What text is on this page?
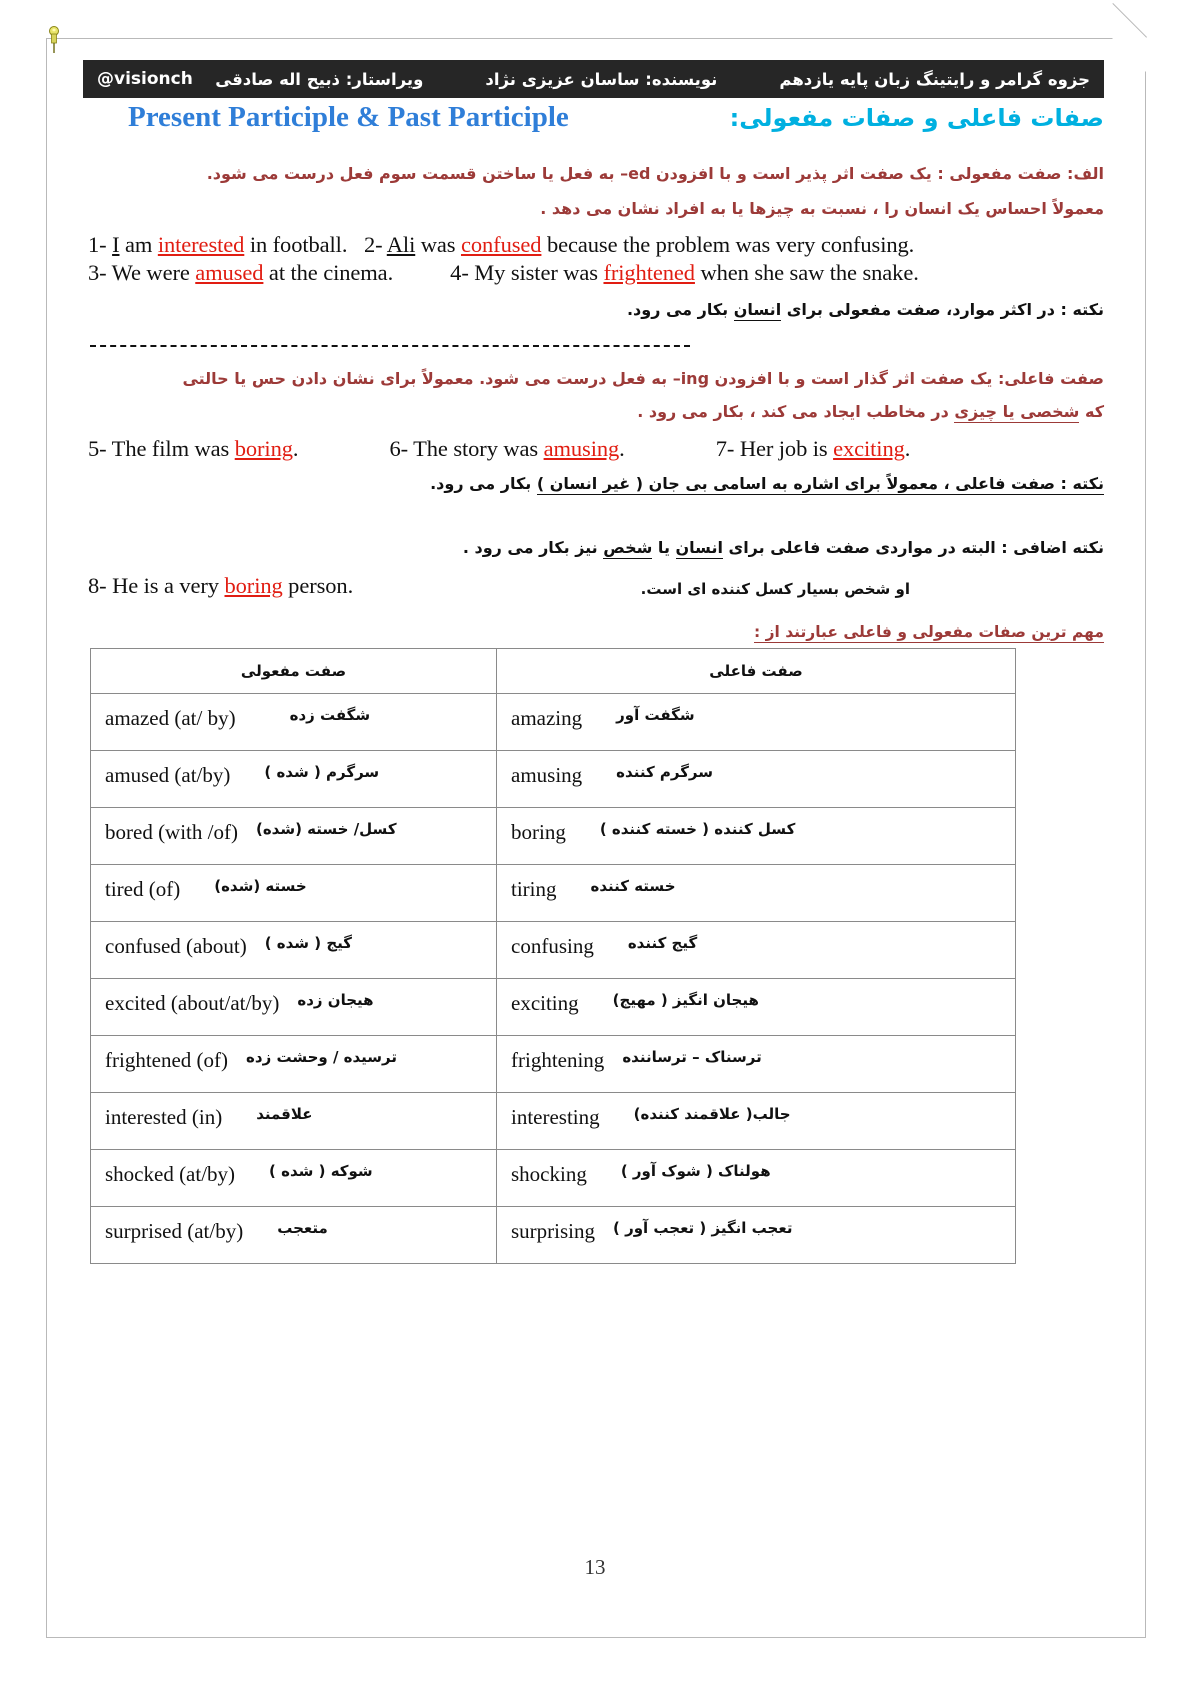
جزوه گرامر و رایتینگ زبان پایه یازدهم
نویسنده: ساسان عزیزی نژاد
ویراستار: ذبیح اله صادقی
@visionch
صفات فاعلی و صفات مفعولی:
Present Participle & Past Participle
الف: صفت مفعولی : یک صفت اثر پذیر است و با افزودن ed– به فعل یا ساختن قسمت سوم فعل درست می شود.
معمولاً احساس یک انسان را ، نسبت به چیزها یا به افراد نشان می دهد .
1- I am interested in football. 2- Ali was confused because the problem was very confusing.
3- We were amused at the cinema.	4- My sister was frightened when she saw the snake.
نکته : در اکثر موارد، صفت مفعولی برای انسان بکار می رود.
صفت فاعلی: یک صفت اثر گذار است و با افزودن ing– به فعل درست می شود. معمولاً برای نشان دادن حس یا حالتی
که شخصی یا چیزی در مخاطب ایجاد می کند ، بکار می رود .
5- The film was boring.	6- The story was amusing.	7- Her job is exciting.
نکته : صفت فاعلی ، معمولاً برای اشاره به اسامی بی جان ( غیر انسان ) بکار می رود.
نکته اضافی : البته در مواردی صفت فاعلی برای انسان یا شخص نیز بکار می رود .
8- He is a very boring person.	او شخص بسیار کسل کننده ای است.
مهم ترین صفات مفعولی و فاعلی عبارتند از :
صفت مفعولی	صفت فاعلی

amazed (at/ by) شگفت زده	amazing شگفت آور

amused (at/by) سرگرم ( شده )	amusing سرگرم کننده

bored (with /of) کسل/ خسته (شده)	boring کسل کننده ( خسته کننده )

tired (of) خسته (شده)	tiring خسته کننده

confused (about) گیج ( شده )	confusing گیج کننده

excited (about/at/by) هیجان زده	exciting هیجان انگیز ( مهیج)

frightened (of) ترسیده / وحشت زده	frightening ترسناک – ترساننده

interested (in) علاقمند	interesting جالب( علاقمند کننده)

shocked (at/by) شوکه ( شده )	shocking هولناک ( شوک آور )

surprised (at/by) متعجب	surprising تعجب انگیز ( تعجب آور )
13
